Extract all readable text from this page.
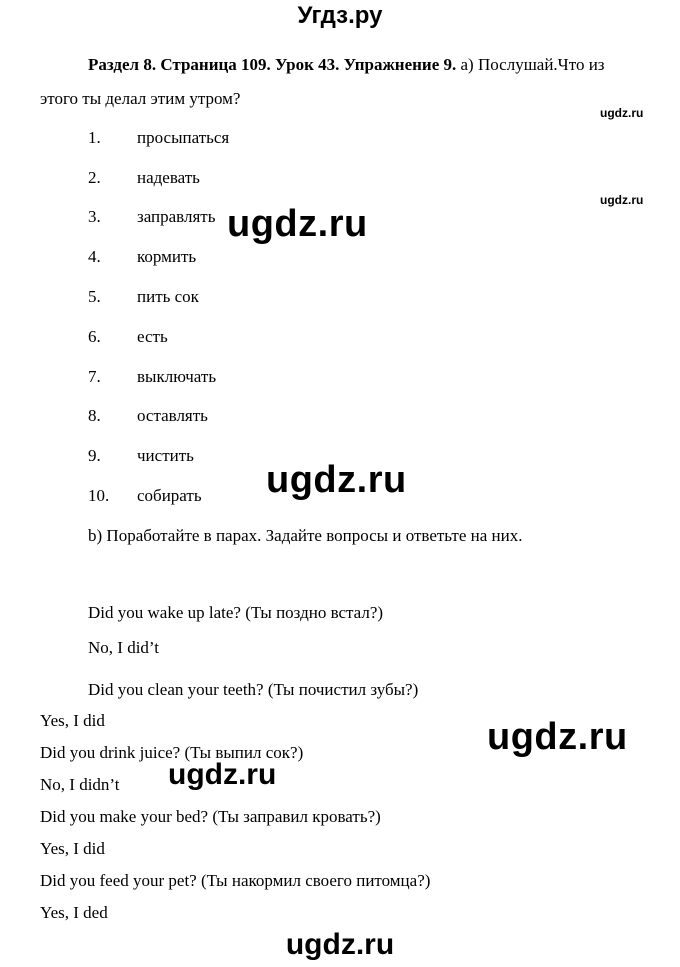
Угдз.ру
Раздел 8. Страница 109. Урок 43. Упражнение 9. a) Послушай.Что из
этого ты делал этим утром?
ugdz.ru
ugdz.ru
1. просыпаться
2. надевать
3. заправлять
4. кормить
5. пить сок
6. есть
7. выключать
8. оставлять
9. чистить
10. собирать
ugdz.ru
ugdz.ru
b) Поработайте в парах. Задайте вопросы и ответьте на них.
Did you wake up late? (Ты поздно встал?)
No, I did’t
Did you clean your teeth? (Ты почистил зубы?)
Yes, I did
Did you drink juice? (Ты выпил сок?)
No, I didn’t
Did you make your bed? (Ты заправил кровать?)
Yes, I did
Did you feed your pet? (Ты накормил своего питомца?)
Yes, I ded
ugdz.ru
ugdz.ru
ugdz.ru
